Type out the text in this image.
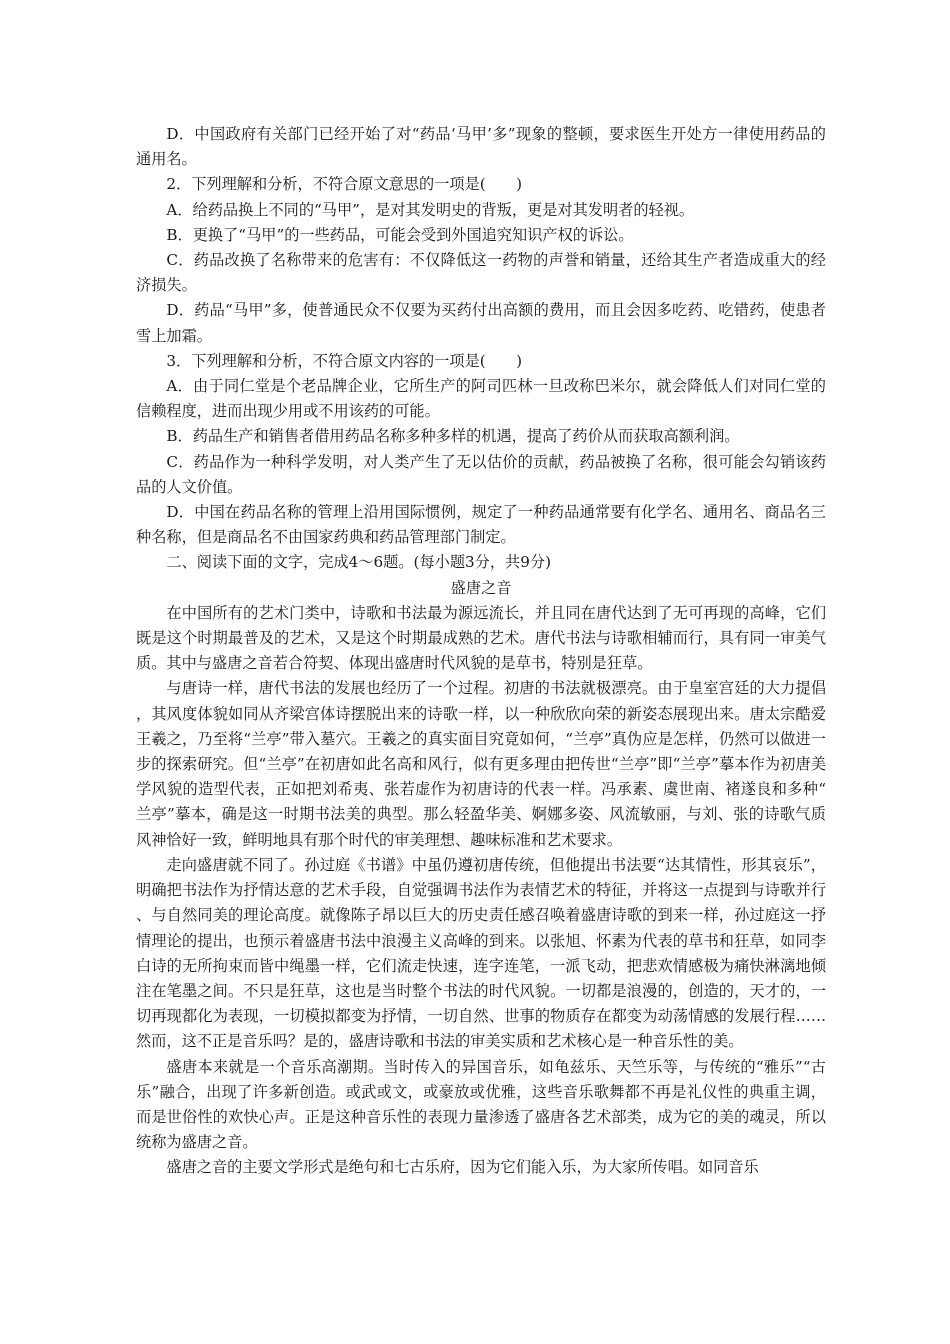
D．中国政府有关部门已经开始了对“药品‘马甲’多”现象的整顿，要求医生开处方一律使用药品的通用名。

2．下列理解和分析，不符合原文意思的一项是(　　)

A．给药品换上不同的“马甲”，是对其发明史的背叛，更是对其发明者的轻视。

B．更换了“马甲”的一些药品，可能会受到外国追究知识产权的诉讼。

C．药品改换了名称带来的危害有：不仅降低这一药物的声誉和销量，还给其生产者造成重大的经济损失。

D．药品“马甲”多，使普通民众不仅要为买药付出高额的费用，而且会因多吃药、吃错药，使患者雪上加霜。

3．下列理解和分析，不符合原文内容的一项是(　　)

A．由于同仁堂是个老品牌企业，它所生产的阿司匹林一旦改称巴米尔，就会降低人们对同仁堂的信赖程度，进而出现少用或不用该药的可能。

B．药品生产和销售者借用药品名称多种多样的机遇，提高了药价从而获取高额利润。

C．药品作为一种科学发明，对人类产生了无以估价的贡献，药品被换了名称，很可能会勾销该药品的人文价值。

D．中国在药品名称的管理上沿用国际惯例，规定了一种药品通常要有化学名、通用名、商品名三种名称，但是商品名不由国家药典和药品管理部门制定。

二、阅读下面的文字，完成4～6题。(每小题3分，共9分)

盛唐之音

在中国所有的艺术门类中，诗歌和书法最为源远流长，并且同在唐代达到了无可再现的高峰，它们既是这个时期最普及的艺术，又是这个时期最成熟的艺术。唐代书法与诗歌相辅而行，具有同一审美气质。其中与盛唐之音若合符契、体现出盛唐时代风貌的是草书，特别是狂草。

与唐诗一样，唐代书法的发展也经历了一个过程。初唐的书法就极漂亮。由于皇室宫廷的大力提倡，其风度体貌如同从齐梁宫体诗摆脱出来的诗歌一样，以一种欣欣向荣的新姿态展现出来。唐太宗酷爱王羲之，乃至将“兰亭”带入墓穴。王羲之的真实面目究竟如何，“兰亭”真伪应是怎样，仍然可以做进一步的探索研究。但“兰亭”在初唐如此名高和风行，似有更多理由把传世“兰亭”即“兰亭”摹本作为初唐美学风貌的造型代表，正如把刘希夷、张若虚作为初唐诗的代表一样。冯承素、虞世南、褚遂良和多种“兰亭”摹本，确是这一时期书法美的典型。那么轻盈华美、婀娜多姿、风流敏丽，与刘、张的诗歌气质风神恰好一致，鲜明地具有那个时代的审美理想、趣味标准和艺术要求。

走向盛唐就不同了。孙过庭《书谱》中虽仍遵初唐传统，但他提出书法要“达其情性，形其哀乐”，明确把书法作为抒情达意的艺术手段，自觉强调书法作为表情艺术的特征，并将这一点提到与诗歌并行、与自然同美的理论高度。就像陈子昂以巨大的历史责任感召唤着盛唐诗歌的到来一样，孙过庭这一抒情理论的提出，也预示着盛唐书法中浪漫主义高峰的到来。以张旭、怀素为代表的草书和狂草，如同李白诗的无所拘束而皆中绳墨一样，它们流走快速，连字连笔，一派飞动，把悲欢情感极为痛快淋漓地倾注在笔墨之间。不只是狂草，这也是当时整个书法的时代风貌。一切都是浪漫的，创造的，天才的，一切再现都化为表现，一切模拟都变为抒情，一切自然、世事的物质存在都变为动荡情感的发展行程……然而，这不正是音乐吗？是的，盛唐诗歌和书法的审美实质和艺术核心是一种音乐性的美。

盛唐本来就是一个音乐高潮期。当时传入的异国音乐，如龟兹乐、天竺乐等，与传统的“雅乐”“古乐”融合，出现了许多新创造。或武或文，或豪放或优雅，这些音乐歌舞都不再是礼仪性的典重主调，而是世俗性的欢快心声。正是这种音乐性的表现力量渗透了盛唐各艺术部类，成为它的美的魂灵，所以统称为盛唐之音。

盛唐之音的主要文学形式是绝句和七古乐府，因为它们能入乐，为大家所传唱。如同音乐
